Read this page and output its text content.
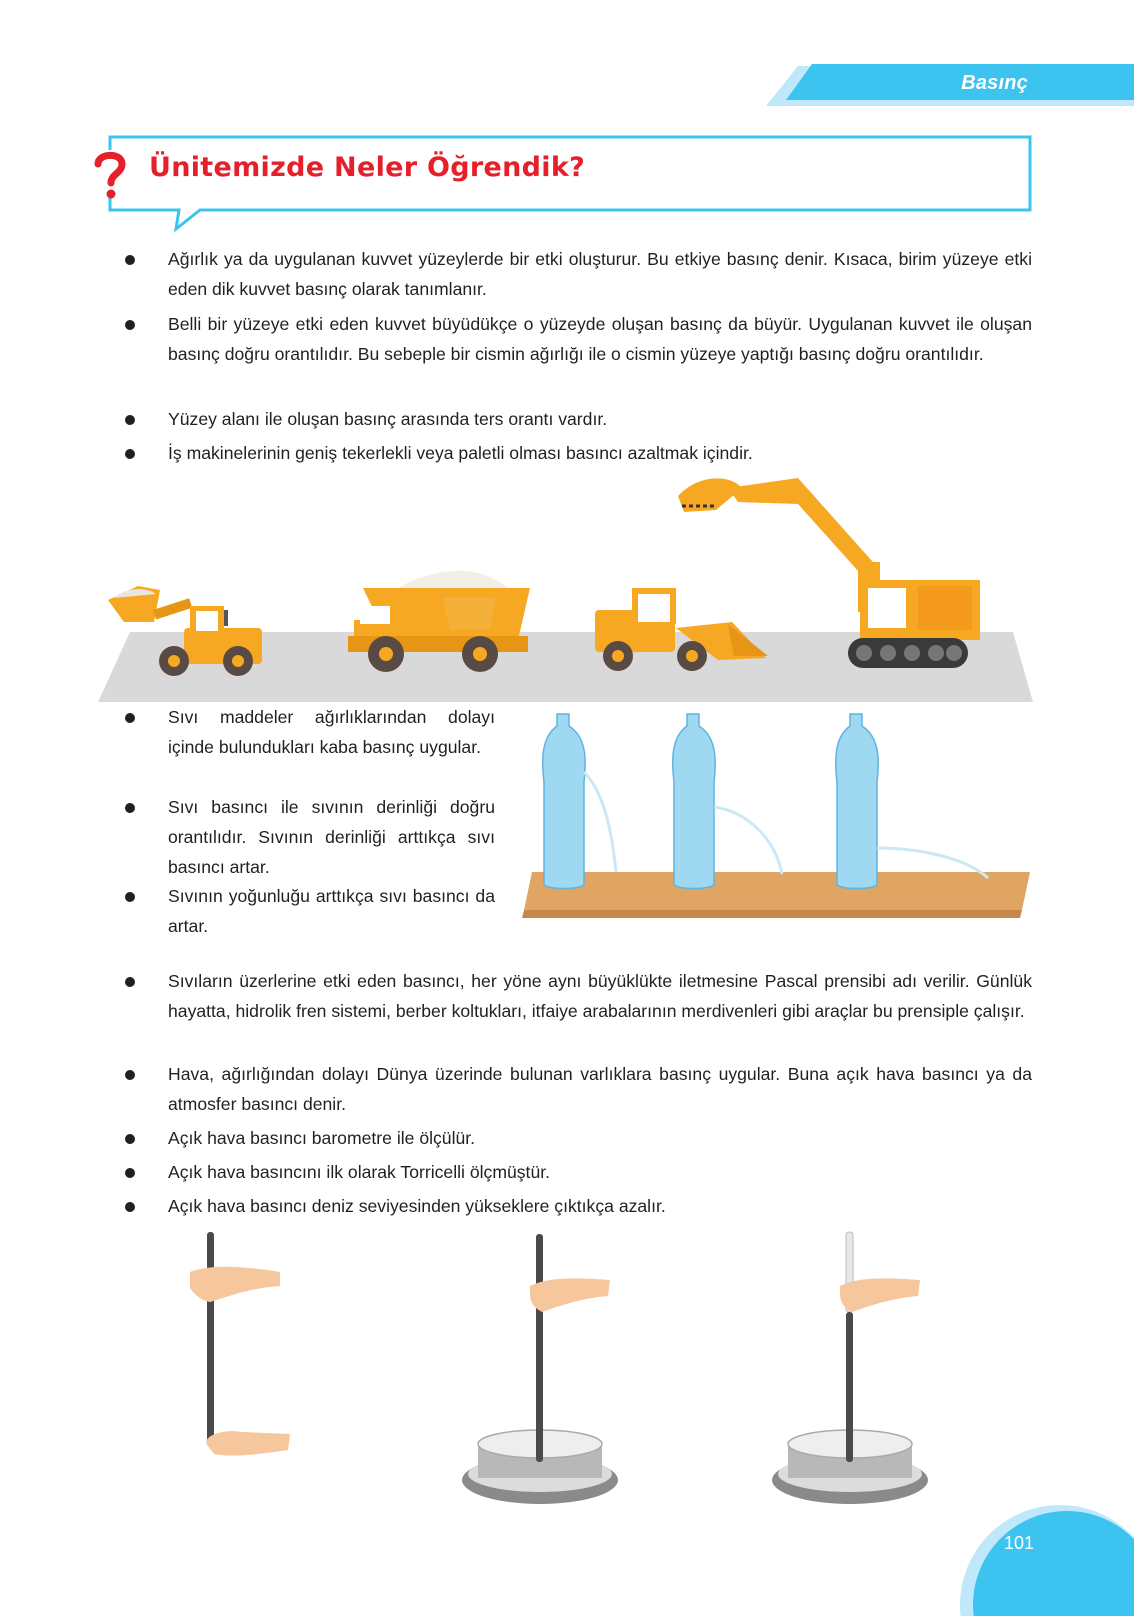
Basınç
Ünitemizde Neler Öğrendik?

Ağırlık ya da uygulanan kuvvet yüzeylerde bir etki oluşturur. Bu etkiye basınç denir. Kısaca, birim yüzeye etki eden dik kuvvet basınç olarak tanımlanır.

Belli bir yüzeye etki eden kuvvet büyüdükçe o yüzeyde oluşan basınç da büyür. Uygulanan kuvvet ile oluşan basınç doğru orantılıdır. Bu sebeple bir cismin ağırlığı ile o cismin yüzeye yaptığı basınç doğru orantılıdır.

Yüzey alanı ile oluşan basınç arasında ters orantı vardır.

İş makinelerinin geniş tekerlekli veya paletli olması basıncı azaltmak içindir.

Sıvı maddeler ağırlıklarından dolayı içinde bulundukları kaba basınç uygular.

Sıvı basıncı ile sıvının derinliği doğru orantılıdır. Sıvının derinliği arttıkça sıvı basıncı artar.

Sıvının yoğunluğu arttıkça sıvı basıncı da artar.

Sıvıların üzerlerine etki eden basıncı, her yöne aynı büyüklükte iletmesine Pascal prensibi adı verilir. Günlük hayatta, hidrolik fren sistemi, berber koltukları, itfaiye arabalarının merdivenleri gibi araçlar bu prensiple çalışır.

Hava, ağırlığından dolayı Dünya üzerinde bulunan varlıklara basınç uygular. Buna açık hava basıncı ya da atmosfer basıncı denir.

Açık hava basıncı barometre ile ölçülür.

Açık hava basıncını ilk olarak Torricelli ölçmüştür.

Açık hava basıncı deniz seviyesinden yükseklere çıktıkça azalır.

101
